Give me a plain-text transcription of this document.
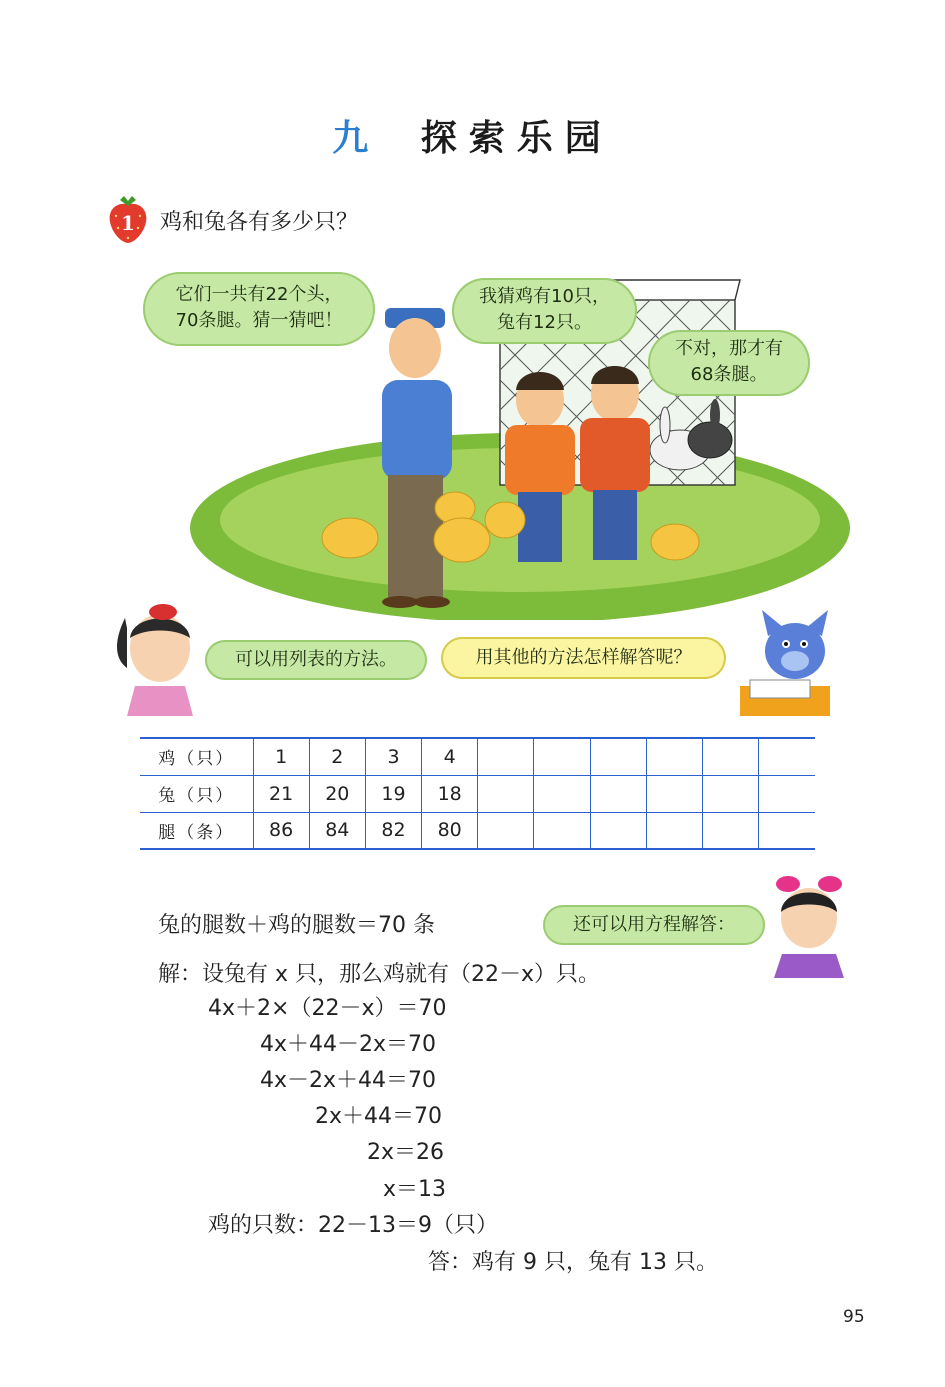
九 探索乐园
1 鸡和兔各有多少只？
它们一共有22个头，
70条腿。猜一猜吧！
我猜鸡有10只，
兔有12只。
不对，那才有
68条腿。
可以用列表的方法。	用其他的方法怎样解答呢？
鸡（只）	1	2	3	4						
兔（只）	21	20	19	18						
腿（条）	86	84	82	80						
还可以用方程解答：
兔的腿数＋鸡的腿数＝70 条
解：设兔有 x 只，那么鸡就有（22－x）只。
4x＋2×（22－x）＝70
4x＋44－2x＝70
4x－2x＋44＝70
2x＋44＝70
2x＝26
x＝13
鸡的只数：22－13＝9（只）
答：鸡有 9 只，兔有 13 只。
95
